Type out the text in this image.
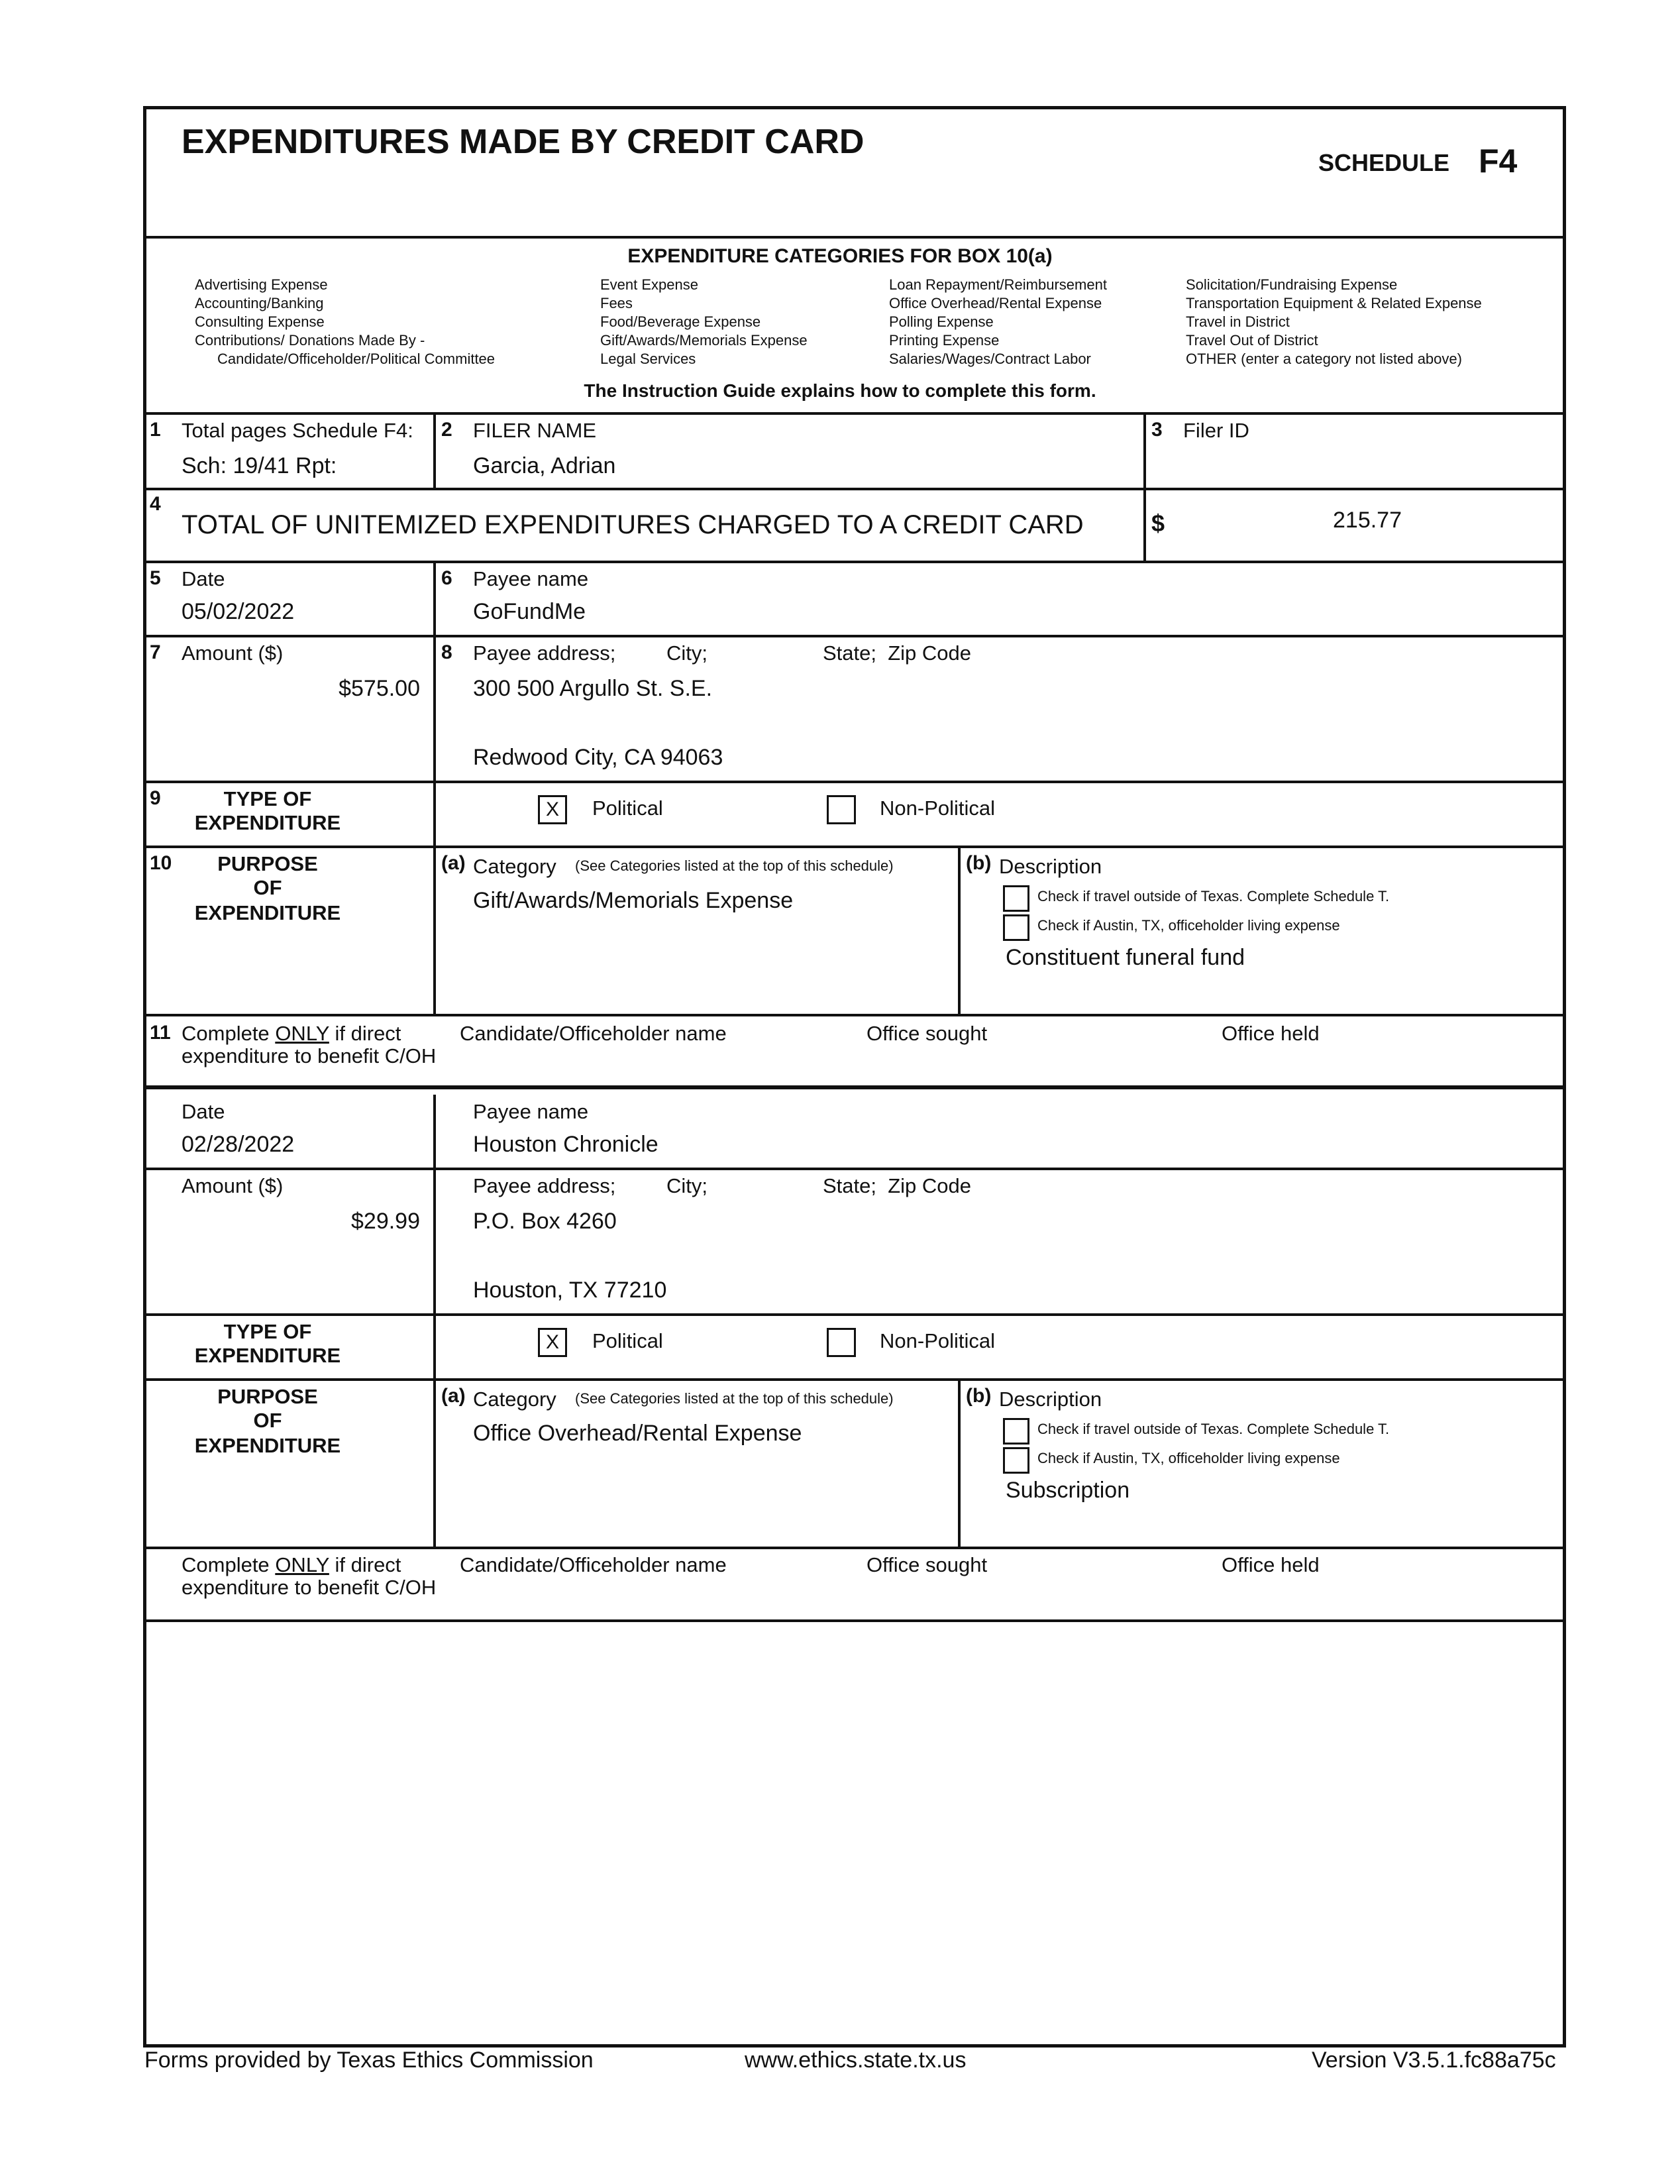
EXPENDITURES MADE BY CREDIT CARD
SCHEDULE F4
EXPENDITURE CATEGORIES FOR BOX 10(a)
Advertising Expense
Accounting/Banking
Consulting Expense
Contributions/ Donations Made By -
Candidate/Officeholder/Political Committee
Event Expense
Fees
Food/Beverage Expense
Gift/Awards/Memorials Expense
Legal Services
Loan Repayment/Reimbursement
Office Overhead/Rental Expense
Polling Expense
Printing Expense
Salaries/Wages/Contract Labor
Solicitation/Fundraising Expense
Transportation Equipment & Related Expense
Travel in District
Travel Out of District
OTHER (enter a category not listed above)
The Instruction Guide explains how to complete this form.
1 Total pages Schedule F4:
Sch: 19/41 Rpt:
2 FILER NAME
Garcia, Adrian
3 Filer ID
4
TOTAL OF UNITEMIZED EXPENDITURES CHARGED TO A CREDIT CARD	$	215.77
5 Date
05/02/2022
6 Payee name
GoFundMe
7 Amount ($)
$575.00
8 Payee address; City;	State;  Zip Code
300 500 Argullo St. S.E.
Redwood City, CA 94063
9	TYPE OF
EXPENDITURE
X	Political	Non-Political
10	PURPOSE
OF
EXPENDITURE
(a) Category (See Categories listed at the top of this schedule)
Gift/Awards/Memorials Expense
(b) Description
Check if travel outside of Texas. Complete Schedule T.
Check if Austin, TX, officeholder living expense
Constituent funeral fund
11 Complete ONLY if direct
expenditure to benefit C/OH
Candidate/Officeholder name	Office sought	Office held
Date
02/28/2022
Payee name
Houston Chronicle
Amount ($)
$29.99
Payee address; City;	State;  Zip Code
P.O. Box 4260
Houston, TX 77210
TYPE OF
EXPENDITURE
X	Political	Non-Political
PURPOSE
OF
EXPENDITURE
(a) Category (See Categories listed at the top of this schedule)
Office Overhead/Rental Expense
(b) Description
Check if travel outside of Texas. Complete Schedule T.
Check if Austin, TX, officeholder living expense
Subscription
Complete ONLY if direct
expenditure to benefit C/OH
Candidate/Officeholder name	Office sought	Office held
Forms provided by Texas Ethics Commission	www.ethics.state.tx.us	Version V3.5.1.fc88a75c
